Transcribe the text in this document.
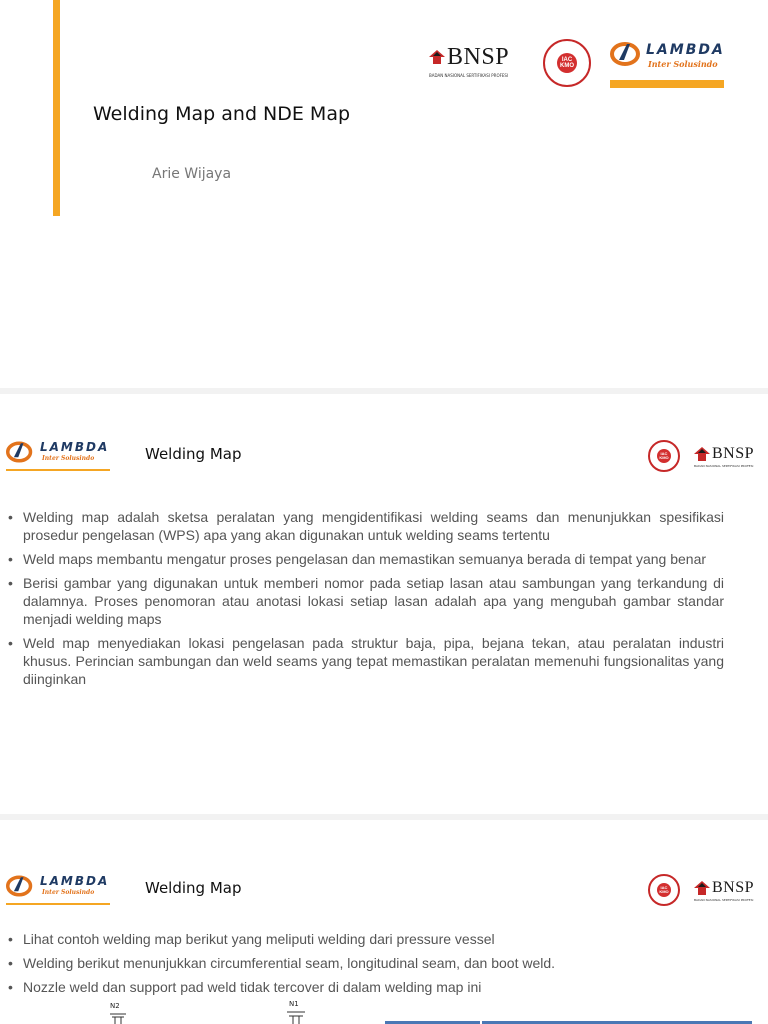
BNSP
BADAN NASIONAL SERTIFIKASI PROFESI
IAC
KMO
LAMBDA
Inter Solusindo
Welding Map and NDE Map
Arie Wijaya
LAMBDA
Inter Solusindo	Welding Map	IAC
KMO	BNSP
BADAN NASIONAL SERTIFIKASI PROFESI
• Welding map adalah sketsa peralatan yang mengidentifikasi welding seams dan menunjukkan spesifikasi prosedur pengelasan (WPS) apa yang akan digunakan untuk welding seams tertentu
• Weld maps membantu mengatur proses pengelasan dan memastikan semuanya berada di tempat yang benar
• Berisi gambar yang digunakan untuk memberi nomor pada setiap lasan atau sambungan yang terkandung di dalamnya. Proses penomoran atau anotasi lokasi setiap lasan adalah apa yang mengubah gambar standar menjadi welding maps
• Weld map menyediakan lokasi pengelasan pada struktur baja, pipa, bejana tekan, atau peralatan industri khusus. Perincian sambungan dan weld seams yang tepat memastikan peralatan memenuhi fungsionalitas yang diinginkan
LAMBDA
Inter Solusindo	Welding Map	IAC
KMO	BNSP
BADAN NASIONAL SERTIFIKASI PROFESI
• Lihat contoh welding map berikut yang meliputi welding dari pressure vessel
• Welding berikut menunjukkan circumferential seam, longitudinal seam, dan boot weld.
• Nozzle weld dan support pad weld tidak tercover di dalam welding map ini
N2	N1
